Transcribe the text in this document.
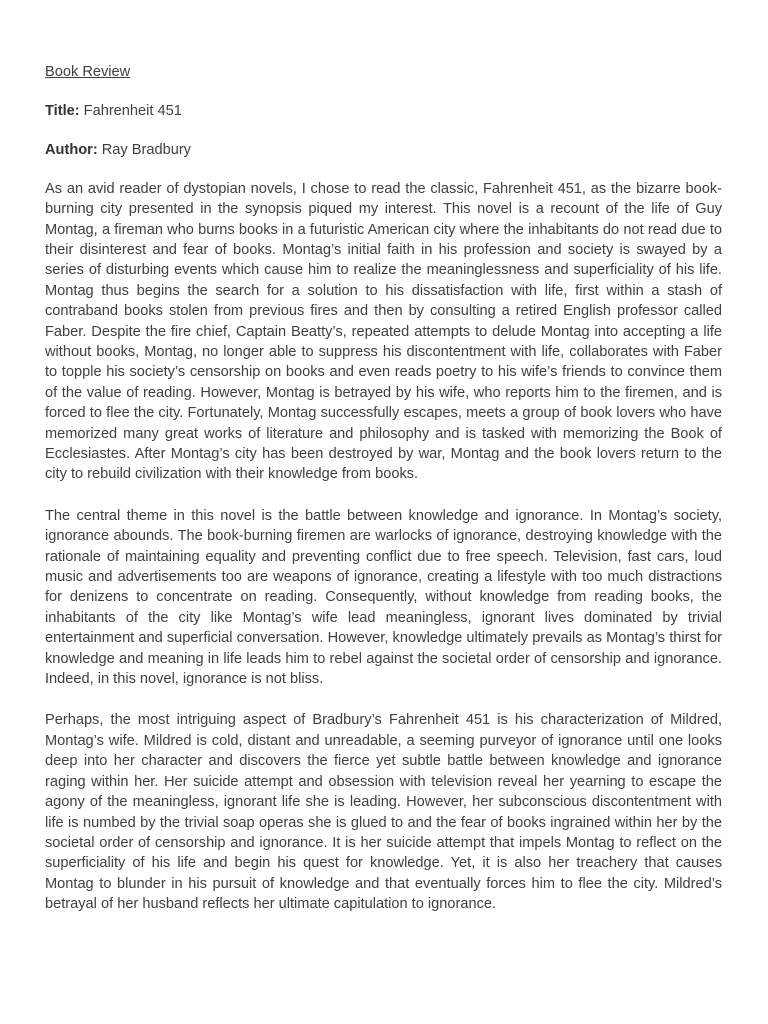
Book Review

Title: Fahrenheit 451

Author: Ray Bradbury

As an avid reader of dystopian novels, I chose to read the classic, Fahrenheit 451, as the bizarre book-burning city presented in the synopsis piqued my interest. This novel is a recount of the life of Guy Montag, a fireman who burns books in a futuristic American city where the inhabitants do not read due to their disinterest and fear of books. Montag’s initial faith in his profession and society is swayed by a series of disturbing events which cause him to realize the meaninglessness and superficiality of his life. Montag thus begins the search for a solution to his dissatisfaction with life, first within a stash of contraband books stolen from previous fires and then by consulting a retired English professor called Faber. Despite the fire chief, Captain Beatty’s, repeated attempts to delude Montag into accepting a life without books, Montag, no longer able to suppress his discontentment with life, collaborates with Faber to topple his society’s censorship on books and even reads poetry to his wife’s friends to convince them of the value of reading. However, Montag is betrayed by his wife, who reports him to the firemen, and is forced to flee the city. Fortunately, Montag successfully escapes, meets a group of book lovers who have memorized many great works of literature and philosophy and is tasked with memorizing the Book of Ecclesiastes. After Montag’s city has been destroyed by war, Montag and the book lovers return to the city to rebuild civilization with their knowledge from books.

The central theme in this novel is the battle between knowledge and ignorance. In Montag’s society, ignorance abounds. The book-burning firemen are warlocks of ignorance, destroying knowledge with the rationale of maintaining equality and preventing conflict due to free speech. Television, fast cars, loud music and advertisements too are weapons of ignorance, creating a lifestyle with too much distractions for denizens to concentrate on reading. Consequently, without knowledge from reading books, the inhabitants of the city like Montag’s wife lead meaningless, ignorant lives dominated by trivial entertainment and superficial conversation. However, knowledge ultimately prevails as Montag’s thirst for knowledge and meaning in life leads him to rebel against the societal order of censorship and ignorance. Indeed, in this novel, ignorance is not bliss.

Perhaps, the most intriguing aspect of Bradbury’s Fahrenheit 451 is his characterization of Mildred, Montag’s wife. Mildred is cold, distant and unreadable, a seeming purveyor of ignorance until one looks deep into her character and discovers the fierce yet subtle battle between knowledge and ignorance raging within her. Her suicide attempt and obsession with television reveal her yearning to escape the agony of the meaningless, ignorant life she is leading. However, her subconscious discontentment with life is numbed by the trivial soap operas she is glued to and the fear of books ingrained within her by the societal order of censorship and ignorance. It is her suicide attempt that impels Montag to reflect on the superficiality of his life and begin his quest for knowledge. Yet, it is also her treachery that causes Montag to blunder in his pursuit of knowledge and that eventually forces him to flee the city. Mildred’s betrayal of her husband reflects her ultimate capitulation to ignorance.
